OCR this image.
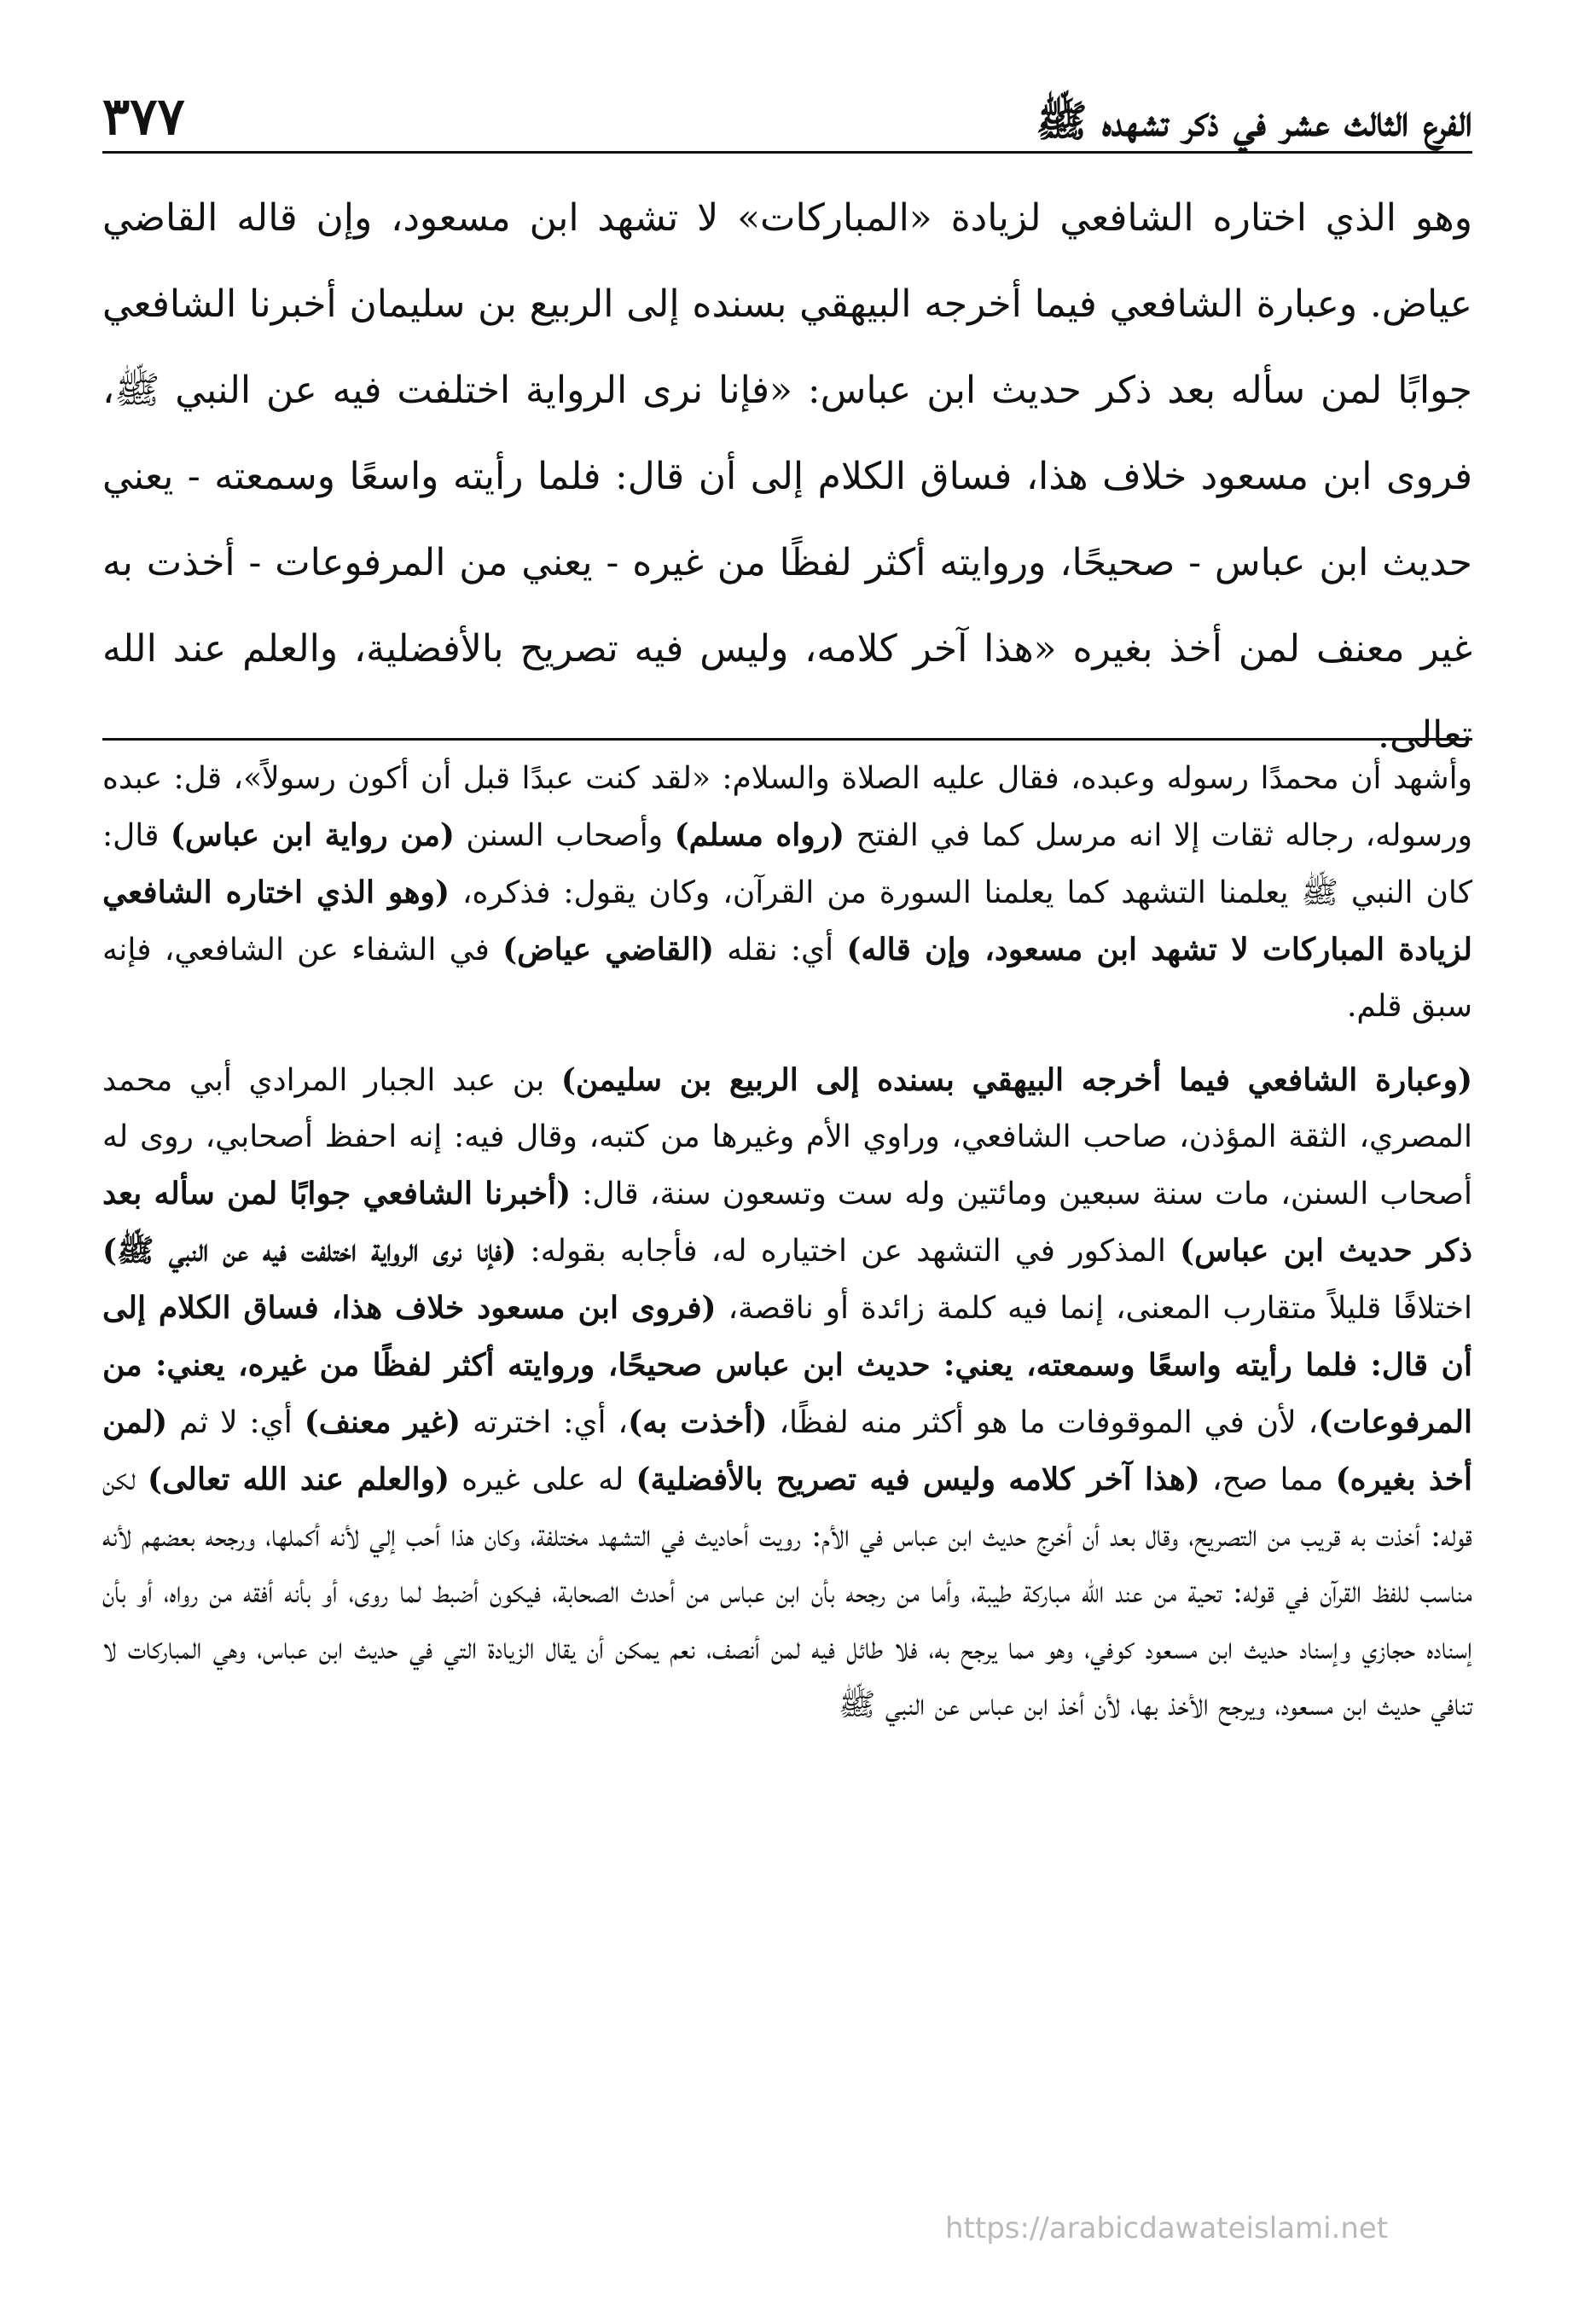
الفرع الثالث عشر في ذكر تشهده ﷺ
٣٧٧

وهو الذي اختاره الشافعي لزيادة «المباركات» لا تشهد ابن مسعود، وإن قاله القاضي عياض. وعبارة الشافعي فيما أخرجه البيهقي بسنده إلى الربيع بن سليمان أخبرنا الشافعي جوابًا لمن سأله بعد ذكر حديث ابن عباس: «فإنا نرى الرواية اختلفت فيه عن النبي ﷺ، فروى ابن مسعود خلاف هذا، فساق الكلام إلى أن قال: فلما رأيته واسعًا وسمعته - يعني حديث ابن عباس - صحيحًا، وروايته أكثر لفظًا من غيره - يعني من المرفوعات - أخذت به غير معنف لمن أخذ بغيره «هذا آخر كلامه، وليس فيه تصريح بالأفضلية، والعلم عند الله تعالى.

وأشهد أن محمدًا رسوله وعبده، فقال عليه الصلاة والسلام: «لقد كنت عبدًا قبل أن أكون رسولاً»، قل: عبده ورسوله، رجاله ثقات إلا انه مرسل كما في الفتح (رواه مسلم) وأصحاب السنن (من رواية ابن عباس) قال: كان النبي ﷺ يعلمنا التشهد كما يعلمنا السورة من القرآن، وكان يقول: فذكره، (وهو الذي اختاره الشافعي لزيادة المباركات لا تشهد ابن مسعود، وإن قاله) أي: نقله (القاضي عياض) في الشفاء عن الشافعي، فإنه سبق قلم.

(وعبارة الشافعي فيما أخرجه البيهقي بسنده إلى الربيع بن سليمن) بن عبد الجبار المرادي أبي محمد المصري، الثقة المؤذن، صاحب الشافعي، وراوي الأم وغيرها من كتبه، وقال فيه: إنه احفظ أصحابي، روى له أصحاب السنن، مات سنة سبعين ومائتين وله ست وتسعون سنة، قال: (أخبرنا الشافعي جوابًا لمن سأله بعد ذكر حديث ابن عباس) المذكور في التشهد عن اختياره له، فأجابه بقوله: (فإنا نرى الرواية اختلفت فيه عن النبي ﷺ) اختلافًا قليلاً متقارب المعنى، إنما فيه كلمة زائدة أو ناقصة، (فروى ابن مسعود خلاف هذا، فساق الكلام إلى أن قال: فلما رأيته واسعًا وسمعته، يعني: حديث ابن عباس صحيحًا، وروايته أكثر لفظًا من غيره، يعني: من المرفوعات)، لأن في الموقوفات ما هو أكثر منه لفظًا، (أخذت به)، أي: اخترته (غير معنف) أي: لا ثم (لمن أخذ بغيره) مما صح، (هذا آخر كلامه وليس فيه تصريح بالأفضلية) له على غيره (والعلم عند الله تعالى) لكن قوله: أخذت به قريب من التصريح، وقال بعد أن أخرج حديث ابن عباس في الأم: رويت أحاديث في التشهد مختلفة، وكان هذا أحب إلي لأنه أكملها، ورجحه بعضهم لأنه مناسب للفظ القرآن في قوله: تحية من عند الله مباركة طيبة، وأما من رجحه بأن ابن عباس من أحدث الصحابة، فيكون أضبط لما روى، أو بأنه أفقه من رواه، أو بأن إسناده حجازي وإسناد حديث ابن مسعود كوفي، وهو مما يرجح به، فلا طائل فيه لمن أنصف، نعم يمكن أن يقال الزيادة التي في حديث ابن عباس، وهي المباركات لا تنافي حديث ابن مسعود، ويرجح الأخذ بها، لأن أخذ ابن عباس عن النبي ﷺ

https://arabicdawateislami.net
